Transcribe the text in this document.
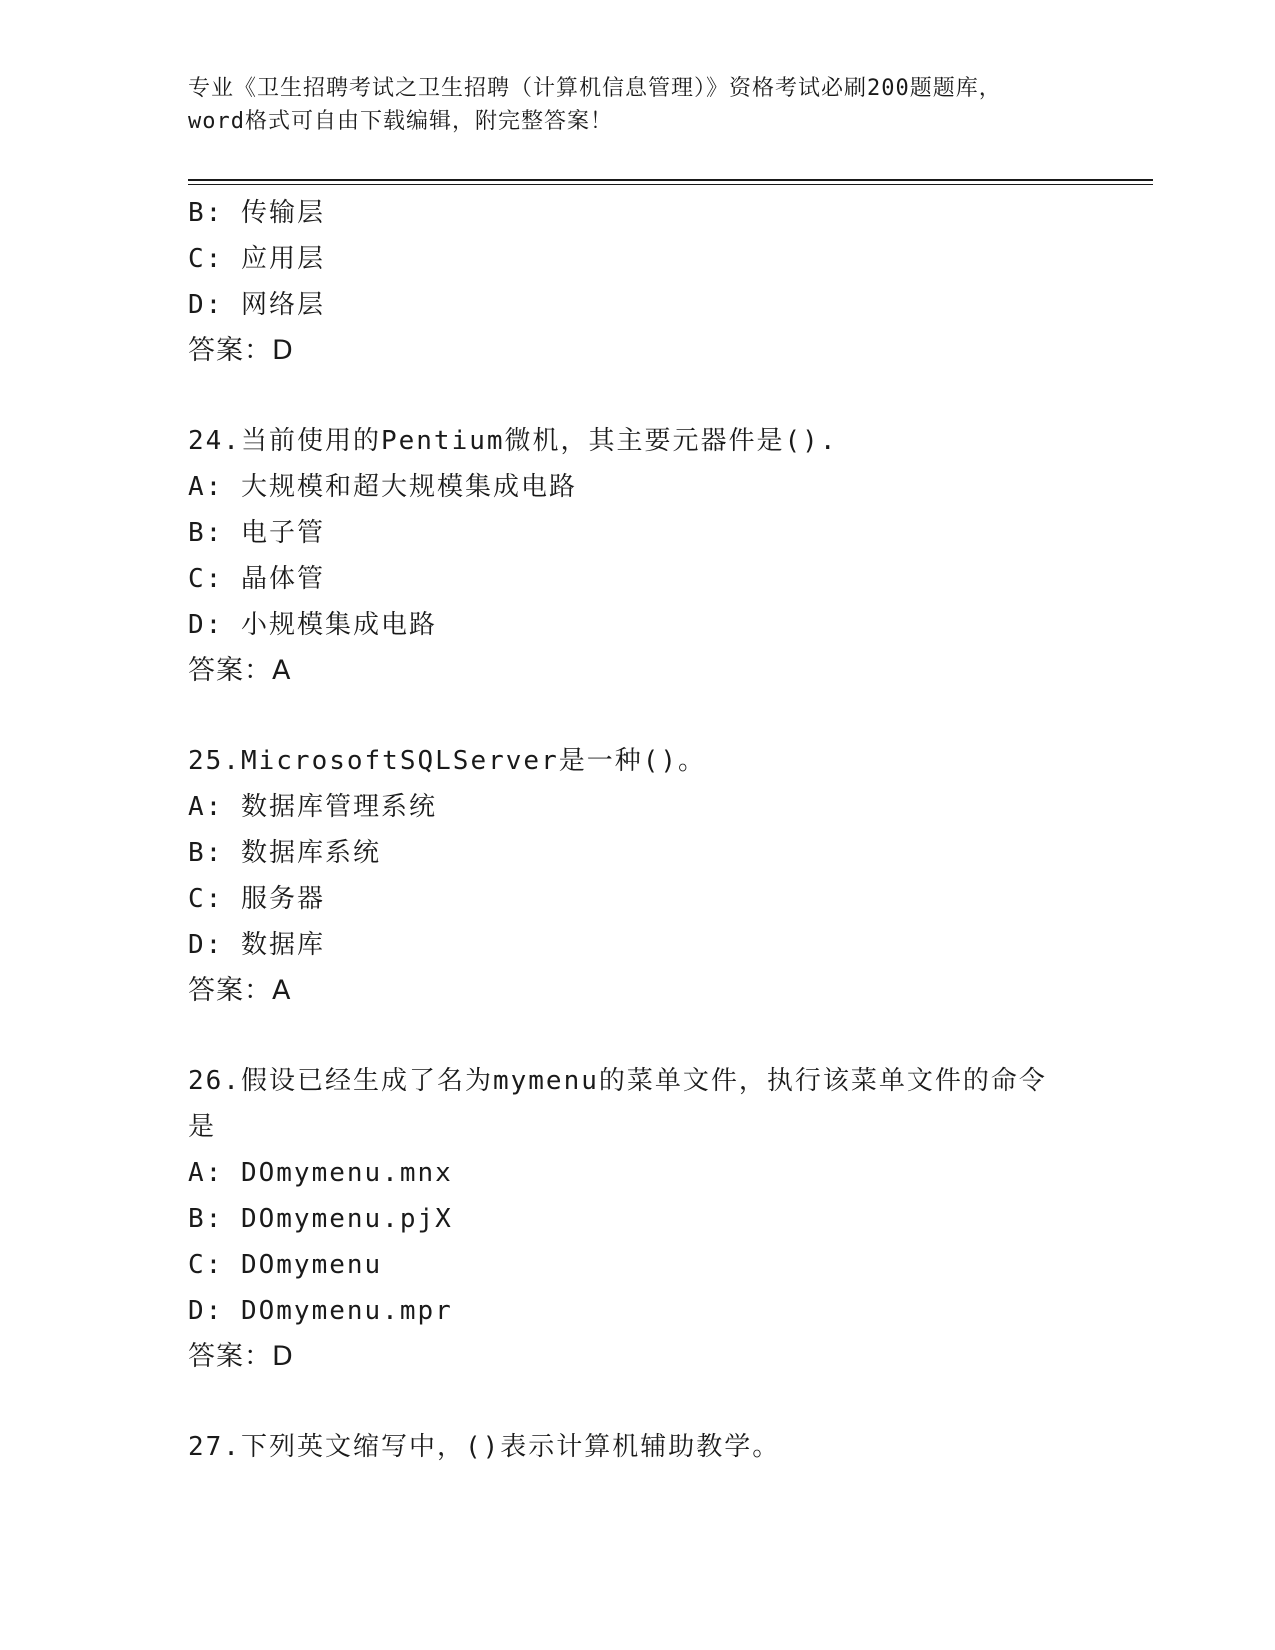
专业《卫生招聘考试之卫生招聘（计算机信息管理）》资格考试必刷200题题库，
word格式可自由下载编辑，附完整答案！
B: 传输层
C: 应用层
D: 网络层
答案：D
24.当前使用的Pentium微机，其主要元器件是().
A: 大规模和超大规模集成电路
B: 电子管
C: 晶体管
D: 小规模集成电路
答案：A
25.MicrosoftSQLServer是一种()。
A: 数据库管理系统
B: 数据库系统
C: 服务器
D: 数据库
答案：A
26.假设已经生成了名为mymenu的菜单文件，执行该菜单文件的命令
是
A: DOmymenu.mnx
B: DOmymenu.pjX
C: DOmymenu
D: DOmymenu.mpr
答案：D
27.下列英文缩写中，()表示计算机辅助教学。
